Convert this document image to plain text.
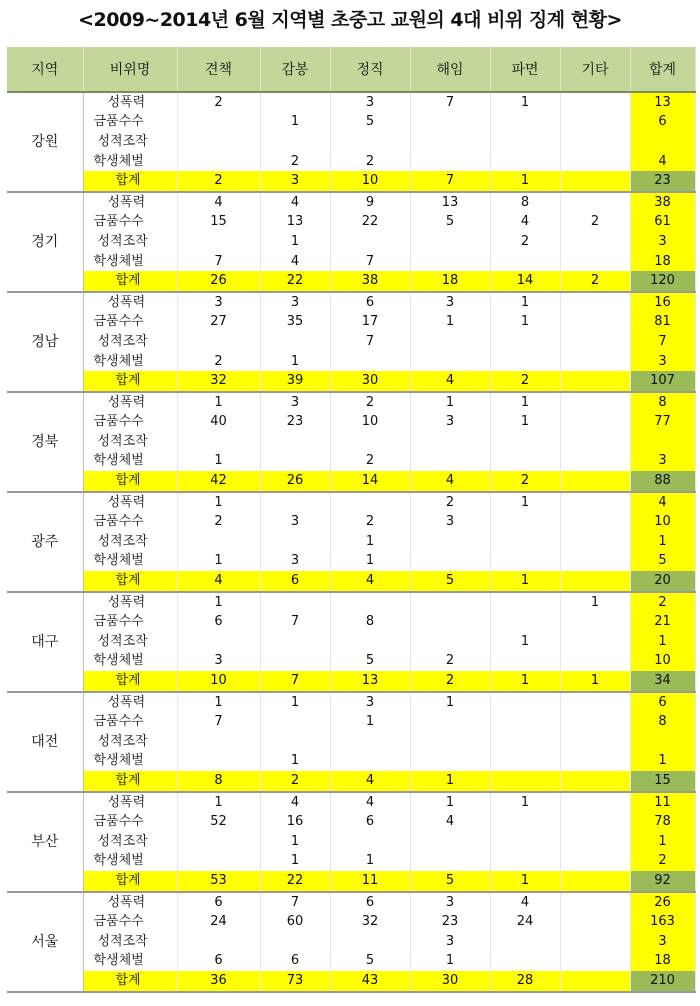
<2009~2014년 6월 지역별 초중고 교원의 4대 비위 징계 현황>
지역	비위명	견책	감봉	정직	해임	파면	기타	합계
강원	성폭력	2		3	7	1		13
	금품수수		1	5				6
	성적조작							
	학생체벌		2	2				4
	합계	2	3	10	7	1		23
경기	성폭력	4	4	9	13	8		38
	금품수수	15	13	22	5	4	2	61
	성적조작		1			2		3
	학생체벌	7	4	7				18
	합계	26	22	38	18	14	2	120
경남	성폭력	3	3	6	3	1		16
	금품수수	27	35	17	1	1		81
	성적조작			7				7
	학생체벌	2	1					3
	합계	32	39	30	4	2		107
경북	성폭력	1	3	2	1	1		8
	금품수수	40	23	10	3	1		77
	성적조작							
	학생체벌	1		2				3
	합계	42	26	14	4	2		88
광주	성폭력	1			2	1		4
	금품수수	2	3	2	3			10
	성적조작			1				1
	학생체벌	1	3	1				5
	합계	4	6	4	5	1		20
대구	성폭력	1					1	2
	금품수수	6	7	8				21
	성적조작					1		1
	학생체벌	3		5	2			10
	합계	10	7	13	2	1	1	34
대전	성폭력	1	1	3	1			6
	금품수수	7		1				8
	성적조작							
	학생체벌		1					1
	합계	8	2	4	1			15
부산	성폭력	1	4	4	1	1		11
	금품수수	52	16	6	4			78
	성적조작		1					1
	학생체벌		1	1				2
	합계	53	22	11	5	1		92
서울	성폭력	6	7	6	3	4		26
	금품수수	24	60	32	23	24		163
	성적조작				3			3
	학생체벌	6	6	5	1			18
	합계	36	73	43	30	28		210
